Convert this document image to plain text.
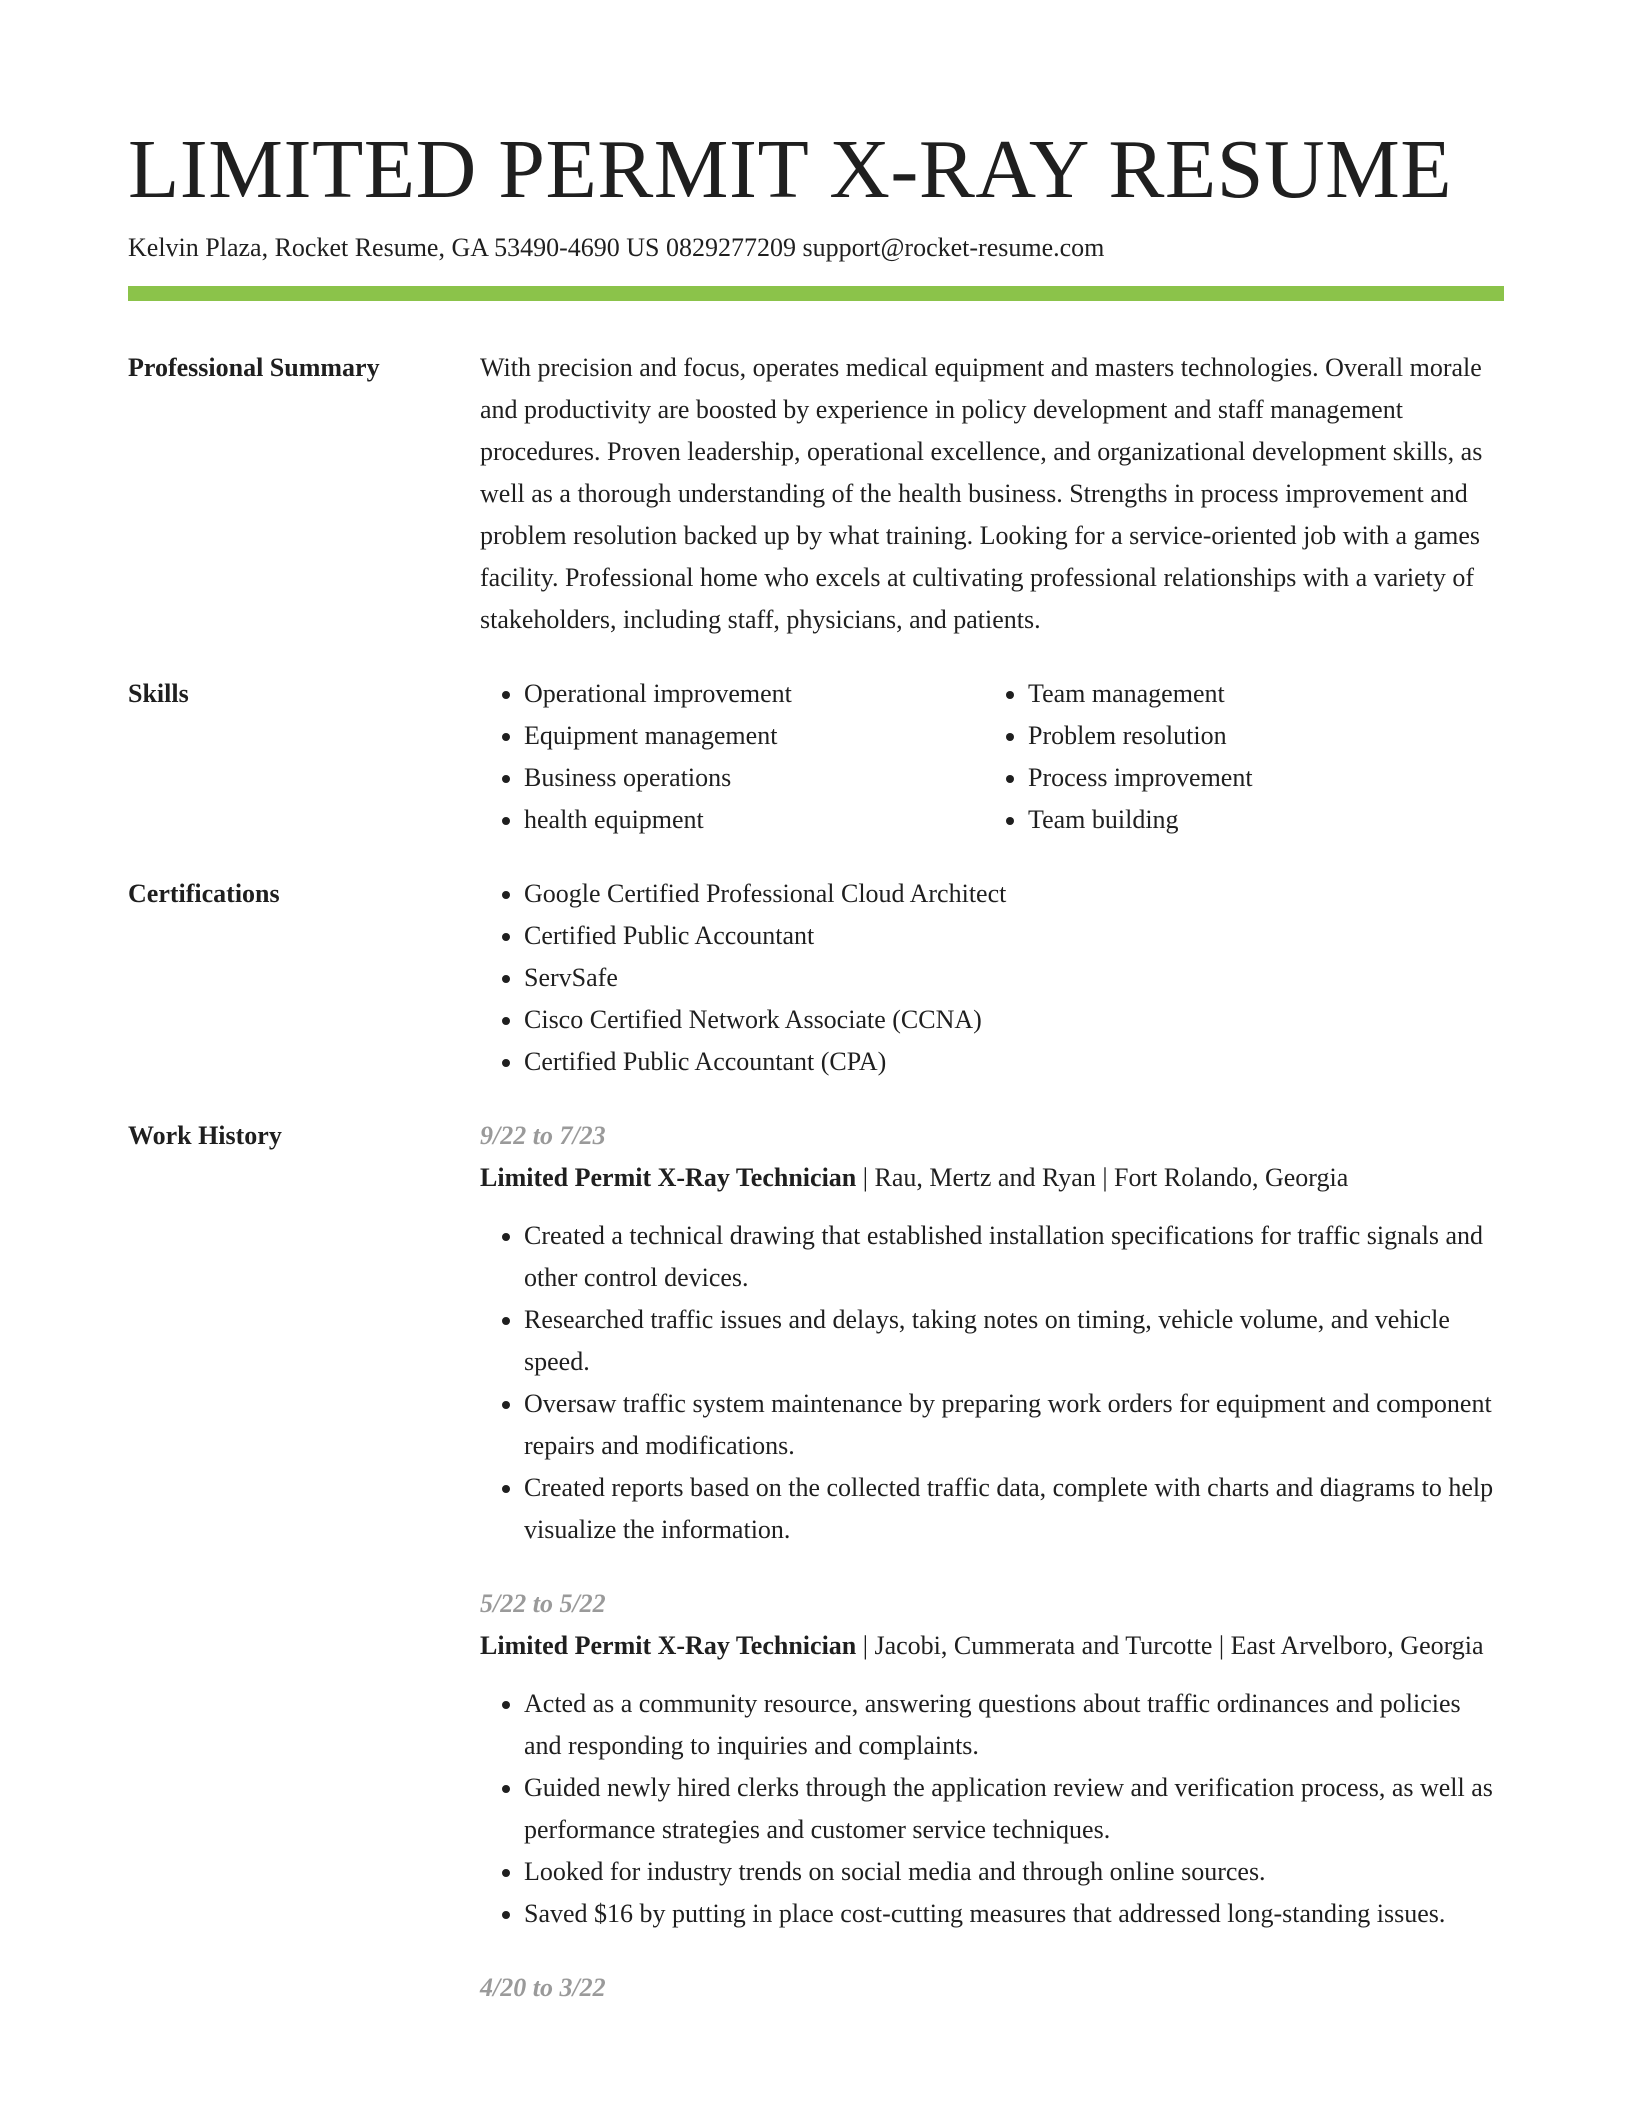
LIMITED PERMIT X-RAY RESUME
Kelvin Plaza, Rocket Resume, GA 53490-4690 US 0829277209 support@rocket-resume.com
Professional Summary	With precision and focus, operates medical equipment and masters technologies. Overall morale and productivity are boosted by experience in policy development and staff management procedures. Proven leadership, operational excellence, and organizational development skills, as well as a thorough understanding of the health business. Strengths in process improvement and problem resolution backed up by what training. Looking for a service-oriented job with a games facility. Professional home who excels at cultivating professional relationships with a variety of stakeholders, including staff, physicians, and patients.
Skills	• Operational improvement
• Equipment management
• Business operations
• health equipment
• Team management
• Problem resolution
• Process improvement
• Team building
Certifications	• Google Certified Professional Cloud Architect
• Certified Public Accountant
• ServSafe
• Cisco Certified Network Associate (CCNA)
• Certified Public Accountant (CPA)
Work History	9/22 to 7/23
Limited Permit X-Ray Technician | Rau, Mertz and Ryan | Fort Rolando, Georgia
• Created a technical drawing that established installation specifications for traffic signals and other control devices.
• Researched traffic issues and delays, taking notes on timing, vehicle volume, and vehicle speed.
• Oversaw traffic system maintenance by preparing work orders for equipment and component repairs and modifications.
• Created reports based on the collected traffic data, complete with charts and diagrams to help visualize the information.
5/22 to 5/22
Limited Permit X-Ray Technician | Jacobi, Cummerata and Turcotte | East Arvelboro, Georgia
• Acted as a community resource, answering questions about traffic ordinances and policies and responding to inquiries and complaints.
• Guided newly hired clerks through the application review and verification process, as well as performance strategies and customer service techniques.
• Looked for industry trends on social media and through online sources.
• Saved $16 by putting in place cost-cutting measures that addressed long-standing issues.
4/20 to 3/22
